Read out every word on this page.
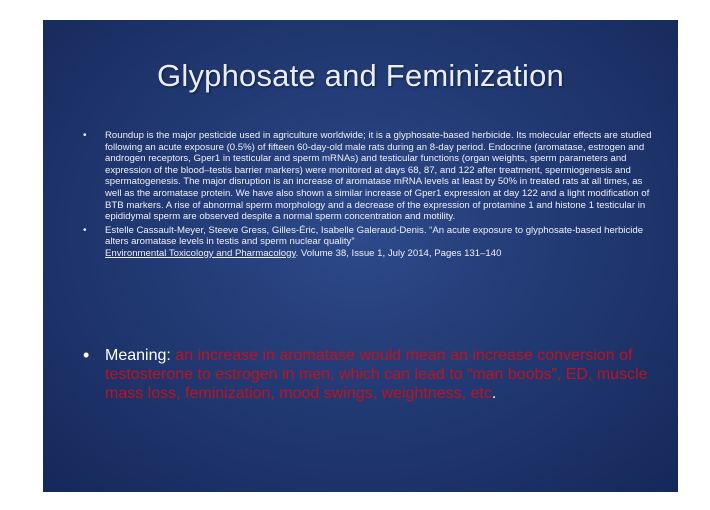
Glyphosate and Feminization
• Roundup is the major pesticide used in agriculture worldwide; it is a glyphosate-based herbicide. Its molecular effects are studied following an acute exposure (0.5%) of fifteen 60-day-old male rats during an 8-day period. Endocrine (aromatase, estrogen and androgen receptors, Gper1 in testicular and sperm mRNAs) and testicular functions (organ weights, sperm parameters and expression of the blood–testis barrier markers) were monitored at days 68, 87, and 122 after treatment, spermiogenesis and spermatogenesis. The major disruption is an increase of aromatase mRNA levels at least by 50% in treated rats at all times, as well as the aromatase protein. We have also shown a similar increase of Gper1 expression at day 122 and a light modification of BTB markers. A rise of abnormal sperm morphology and a decrease of the expression of protamine 1 and histone 1 testicular in epididymal sperm are observed despite a normal sperm concentration and motility.
• Estelle Cassault-Meyer, Steeve Gress, Gilles-Éric, Isabelle Galeraud-Denis. “An acute exposure to glyphosate-based herbicide alters aromatase levels in testis and sperm nuclear quality”
Environmental Toxicology and Pharmacology. Volume 38, Issue 1, July 2014, Pages 131–140
• Meaning: an increase in aromatase would mean an increase conversion of testosterone to estrogen in men, which can lead to “man boobs”, ED, muscle mass loss, feminization, mood swings, weightness, etc.
